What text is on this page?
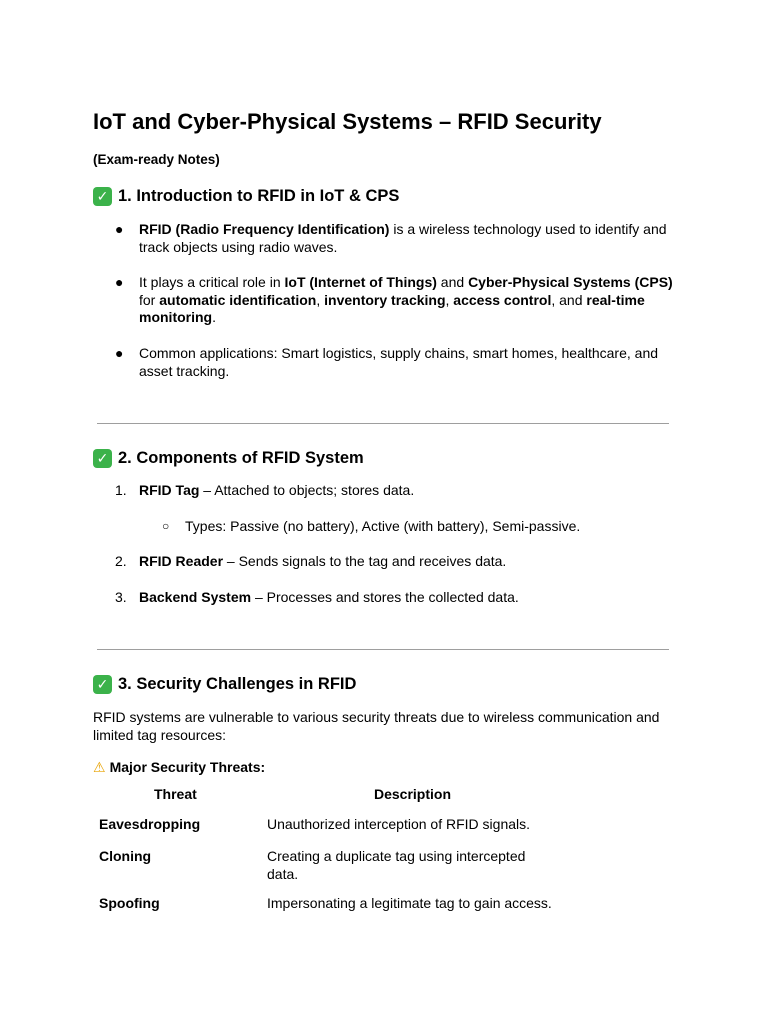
IoT and Cyber-Physical Systems – RFID Security
(Exam-ready Notes)
✓ 1. Introduction to RFID in IoT & CPS
● RFID (Radio Frequency Identification) is a wireless technology used to identify and track objects using radio waves.
● It plays a critical role in IoT (Internet of Things) and Cyber-Physical Systems (CPS) for automatic identification, inventory tracking, access control, and real-time monitoring.
● Common applications: Smart logistics, supply chains, smart homes, healthcare, and asset tracking.
✓ 2. Components of RFID System
1. RFID Tag – Attached to objects; stores data.
○ Types: Passive (no battery), Active (with battery), Semi-passive.
2. RFID Reader – Sends signals to the tag and receives data.
3. Backend System – Processes and stores the collected data.
✓ 3. Security Challenges in RFID
RFID systems are vulnerable to various security threats due to wireless communication and limited tag resources:
⚠ Major Security Threats:
Threat	Description
Eavesdropping	Unauthorized interception of RFID signals.
Cloning	Creating a duplicate tag using intercepted data.
Spoofing	Impersonating a legitimate tag to gain access.
